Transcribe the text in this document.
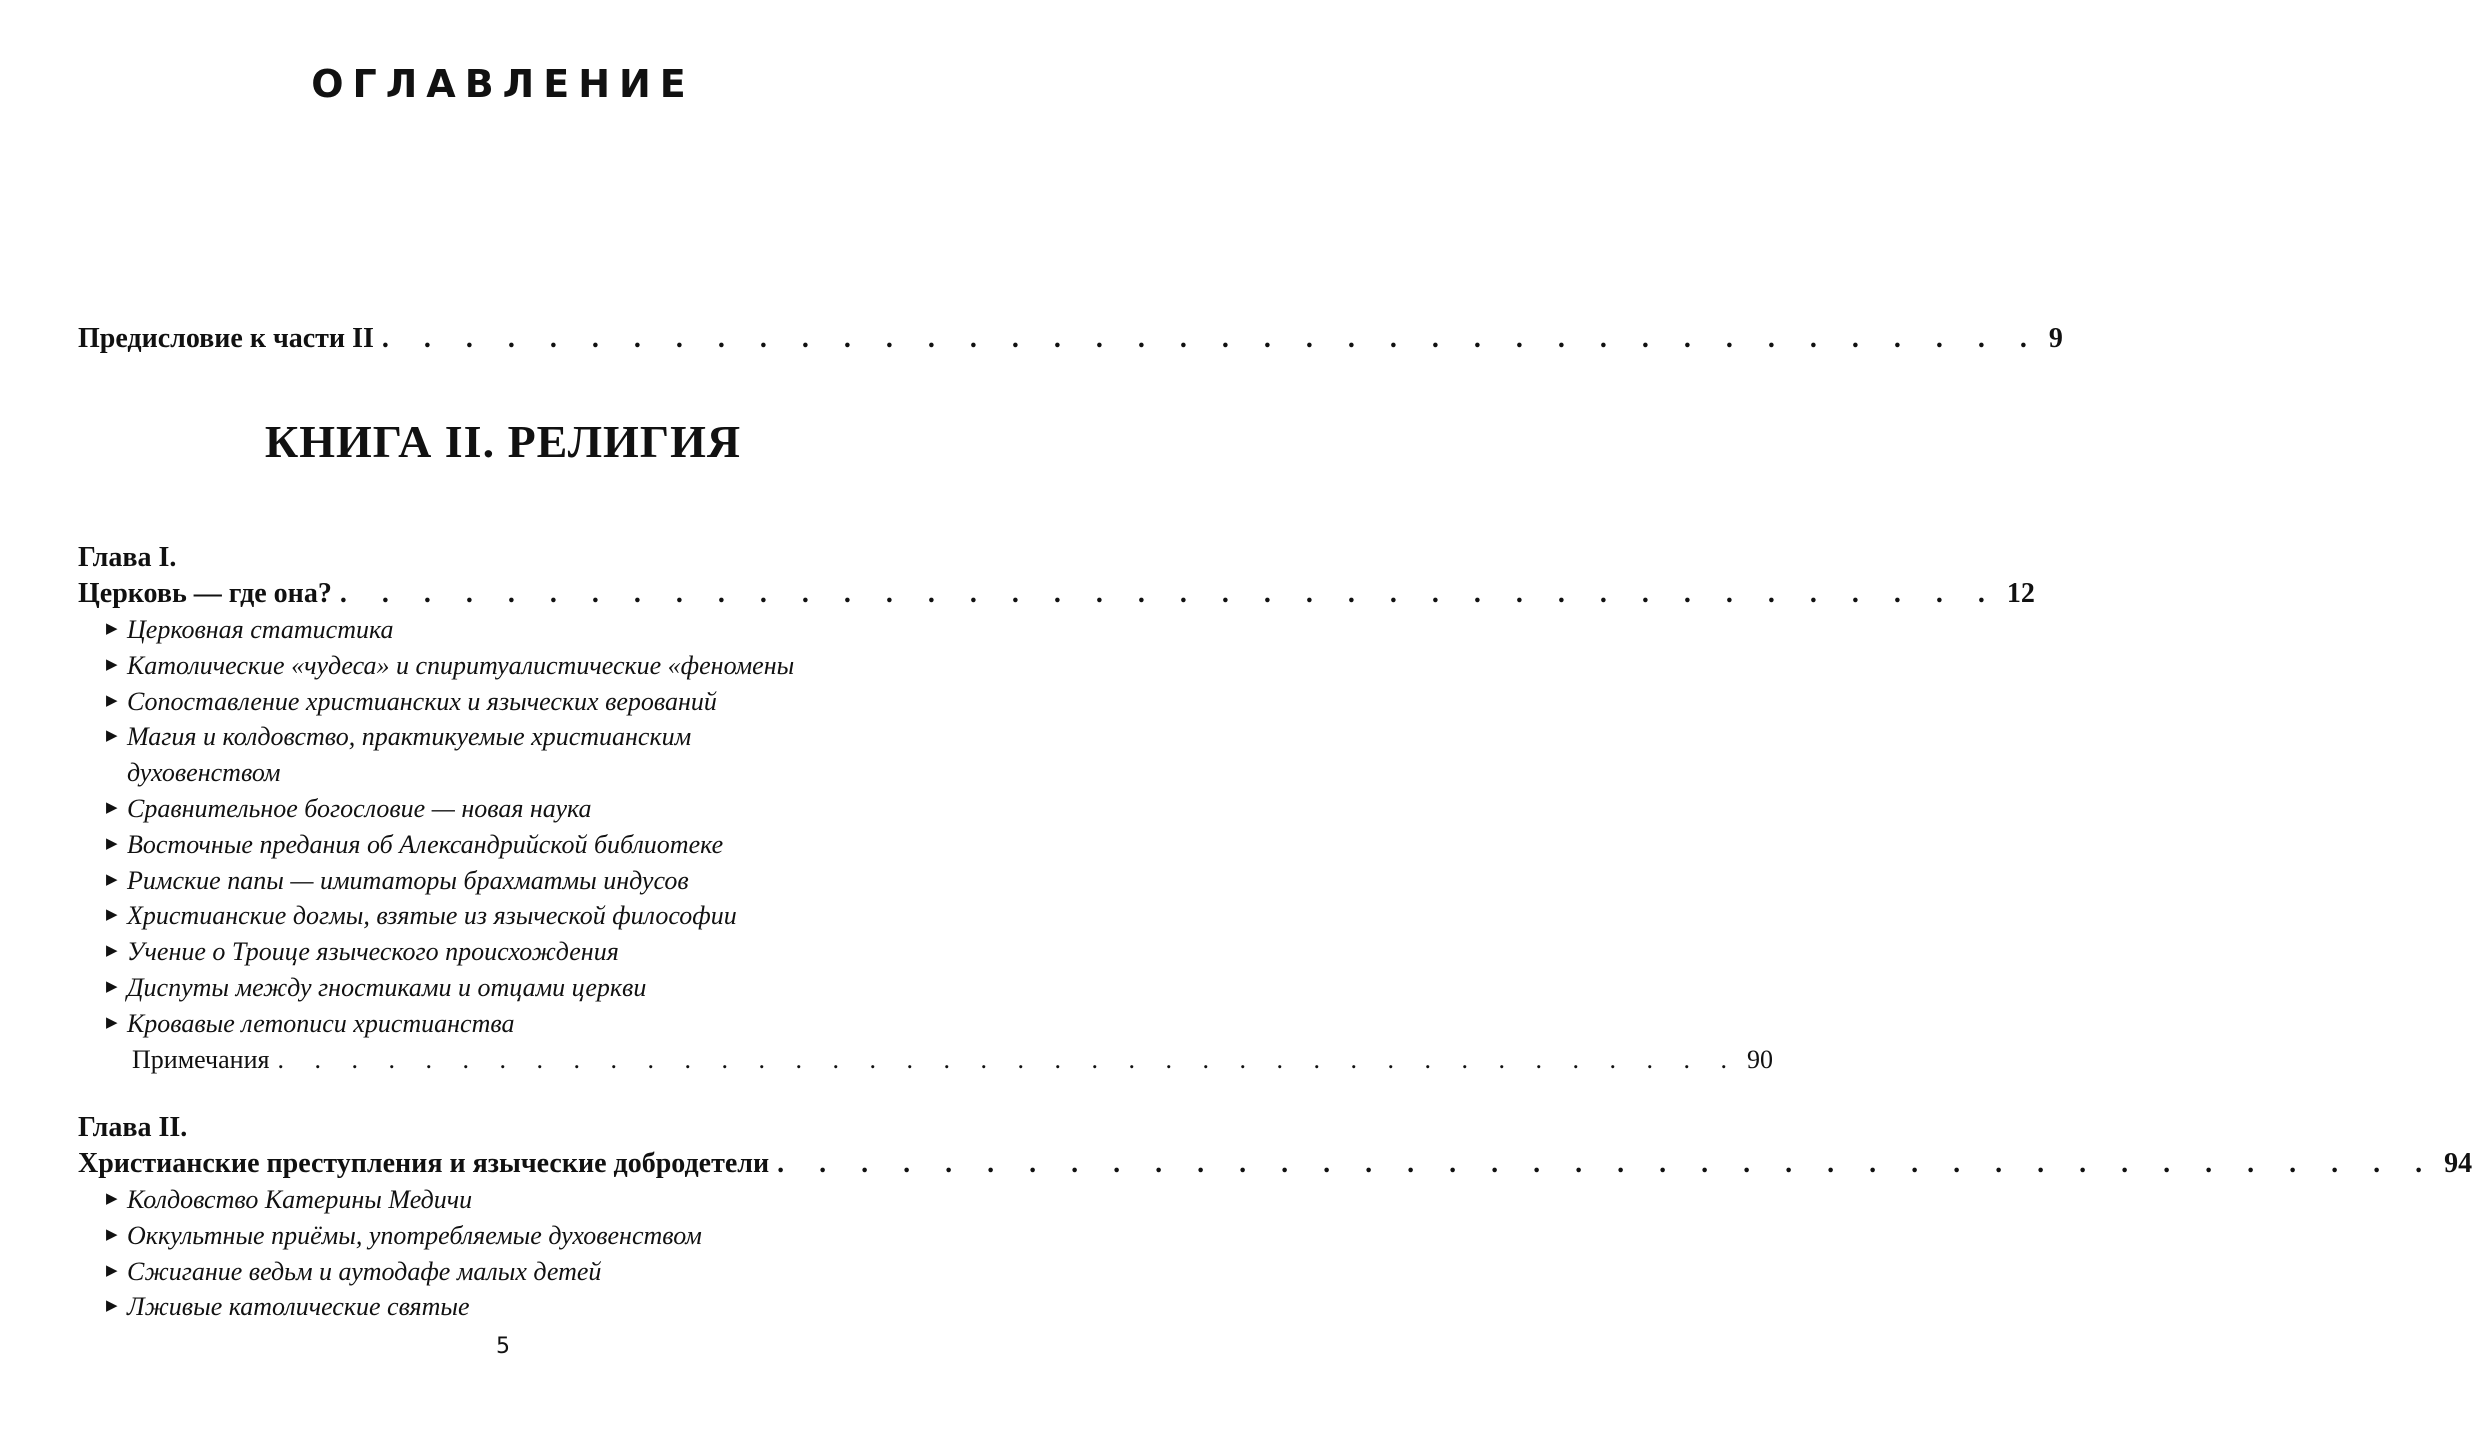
ОГЛАВЛЕНИЕ
Предисловие к части II . . . . . . . . . . . . . . . . . . . . . . . . . . . . . . . . . . . . . . . . 9
КНИГА II. РЕЛИГИЯ
Глава I.
Церковь — где она? . . . . . . . . . . . . . . . . . . . . . . . . . . . . . . . . . . . . . . . . 12
▶ Церковная статистика
▶ Католические «чудеса» и спиритуалистические «феномены
▶ Сопоставление христианских и языческих верований
▶ Магия и колдовство, практикуемые христианским духовенством
▶ Сравнительное богословие — новая наука
▶ Восточные предания об Александрийской библиотеке
▶ Римские папы — имитаторы брахматмы индусов
▶ Христианские догмы, взятые из языческой философии
▶ Учение о Троице языческого происхождения
▶ Диспуты между гностиками и отцами церкви
▶ Кровавые летописи христианства
Примечания . . . . . . . . . . . . . . . . . . . . . . . . . . . . . . . . . . . . . . . . 90
Глава II.
Христианские преступления и языческие добродетели . . . . . . . . . . . . . . . . . . . . . . . . . . . . . . . . . . . . . . . . 94
▶ Колдовство Катерины Медичи
▶ Оккультные приёмы, употребляемые духовенством
▶ Сжигание ведьм и аутодафе малых детей
▶ Лживые католические святые
5
